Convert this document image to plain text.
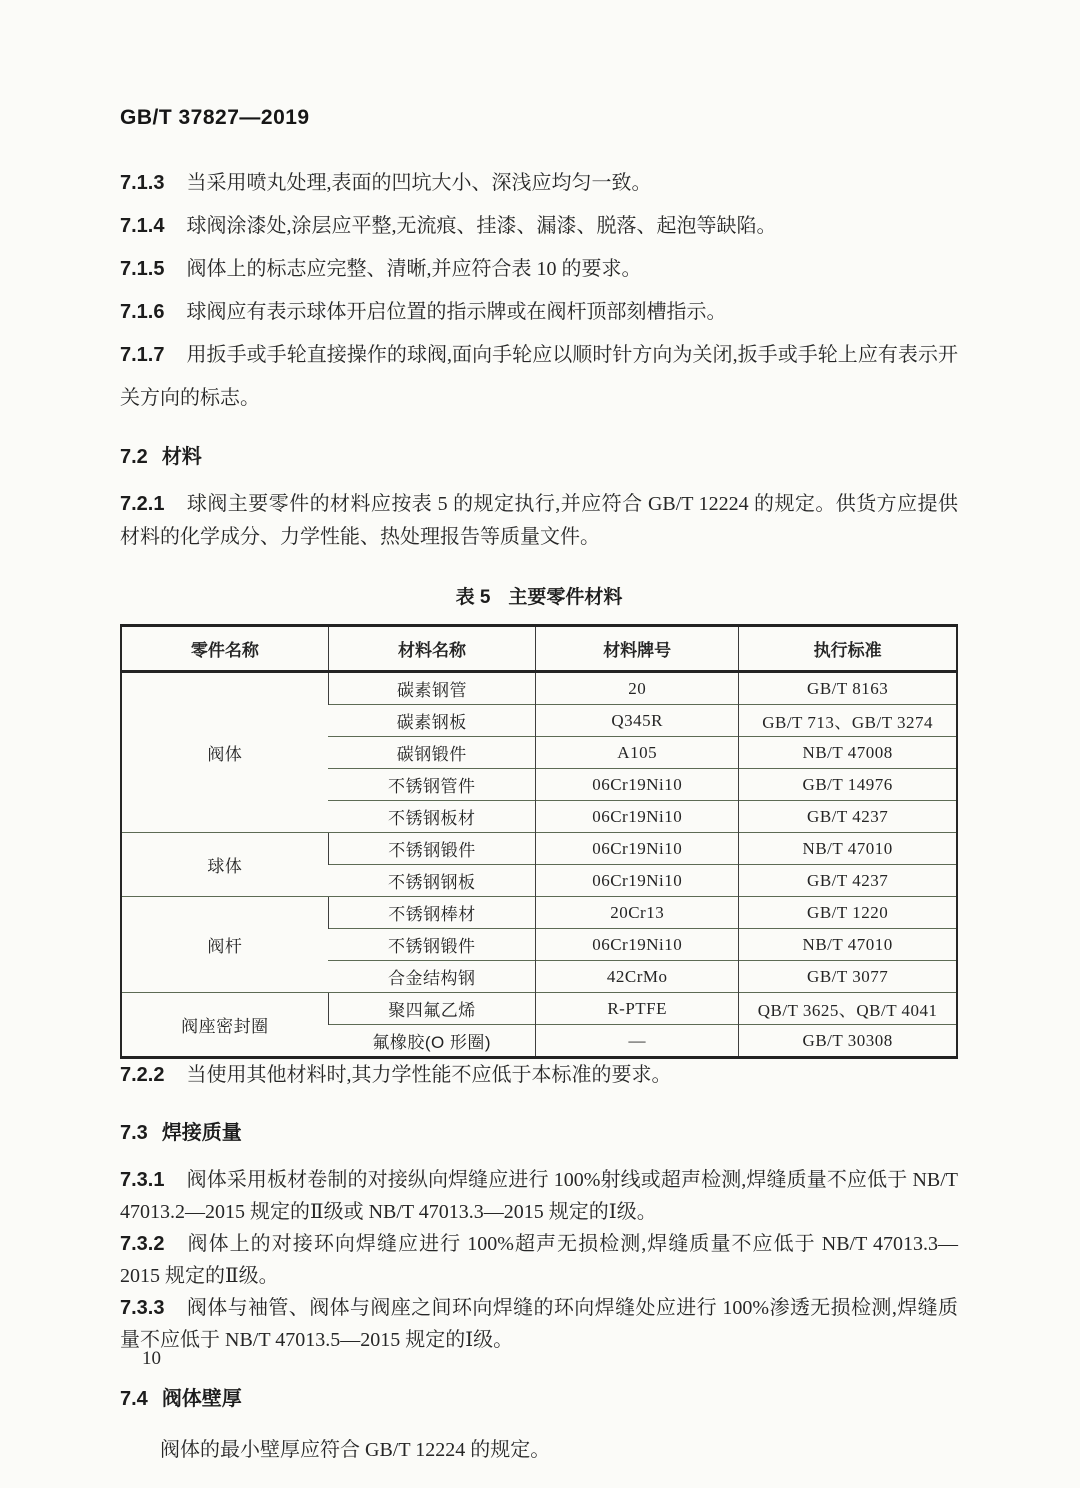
GB/T 37827—2019

7.1.3 当采用喷丸处理,表面的凹坑大小、深浅应均匀一致。

7.1.4 球阀涂漆处,涂层应平整,无流痕、挂漆、漏漆、脱落、起泡等缺陷。

7.1.5 阀体上的标志应完整、清晰,并应符合表 10 的要求。

7.1.6 球阀应有表示球体开启位置的指示牌或在阀杆顶部刻槽指示。

7.1.7 用扳手或手轮直接操作的球阀,面向手轮应以顺时针方向为关闭,扳手或手轮上应有表示开关方向的标志。

7.2 材料

7.2.1 球阀主要零件的材料应按表 5 的规定执行,并应符合 GB/T 12224 的规定。供货方应提供材料的化学成分、力学性能、热处理报告等质量文件。

表 5 主要零件材料
零件名称	材料名称	材料牌号	执行标准
阀体	碳素钢管	20	GB/T 8163
	碳素钢板	Q345R	GB/T 713、GB/T 3274
	碳钢锻件	A105	NB/T 47008
	不锈钢管件	06Cr19Ni10	GB/T 14976
	不锈钢板材	06Cr19Ni10	GB/T 4237
球体	不锈钢锻件	06Cr19Ni10	NB/T 47010
	不锈钢钢板	06Cr19Ni10	GB/T 4237
阀杆	不锈钢棒材	20Cr13	GB/T 1220
	不锈钢锻件	06Cr19Ni10	NB/T 47010
	合金结构钢	42CrMo	GB/T 3077
阀座密封圈	聚四氟乙烯	R-PTFE	QB/T 3625、QB/T 4041
	氟橡胶(O 形圈)	—	GB/T 30308

7.2.2 当使用其他材料时,其力学性能不应低于本标准的要求。

7.3 焊接质量

7.3.1 阀体采用板材卷制的对接纵向焊缝应进行 100%射线或超声检测,焊缝质量不应低于 NB/T 47013.2—2015 规定的Ⅱ级或 NB/T 47013.3—2015 规定的Ⅰ级。

7.3.2 阀体上的对接环向焊缝应进行 100%超声无损检测,焊缝质量不应低于 NB/T 47013.3—2015 规定的Ⅱ级。

7.3.3 阀体与袖管、阀体与阀座之间环向焊缝的环向焊缝处应进行 100%渗透无损检测,焊缝质量不应低于 NB/T 47013.5—2015 规定的Ⅰ级。

7.4 阀体壁厚

阀体的最小壁厚应符合 GB/T 12224 的规定。

10
